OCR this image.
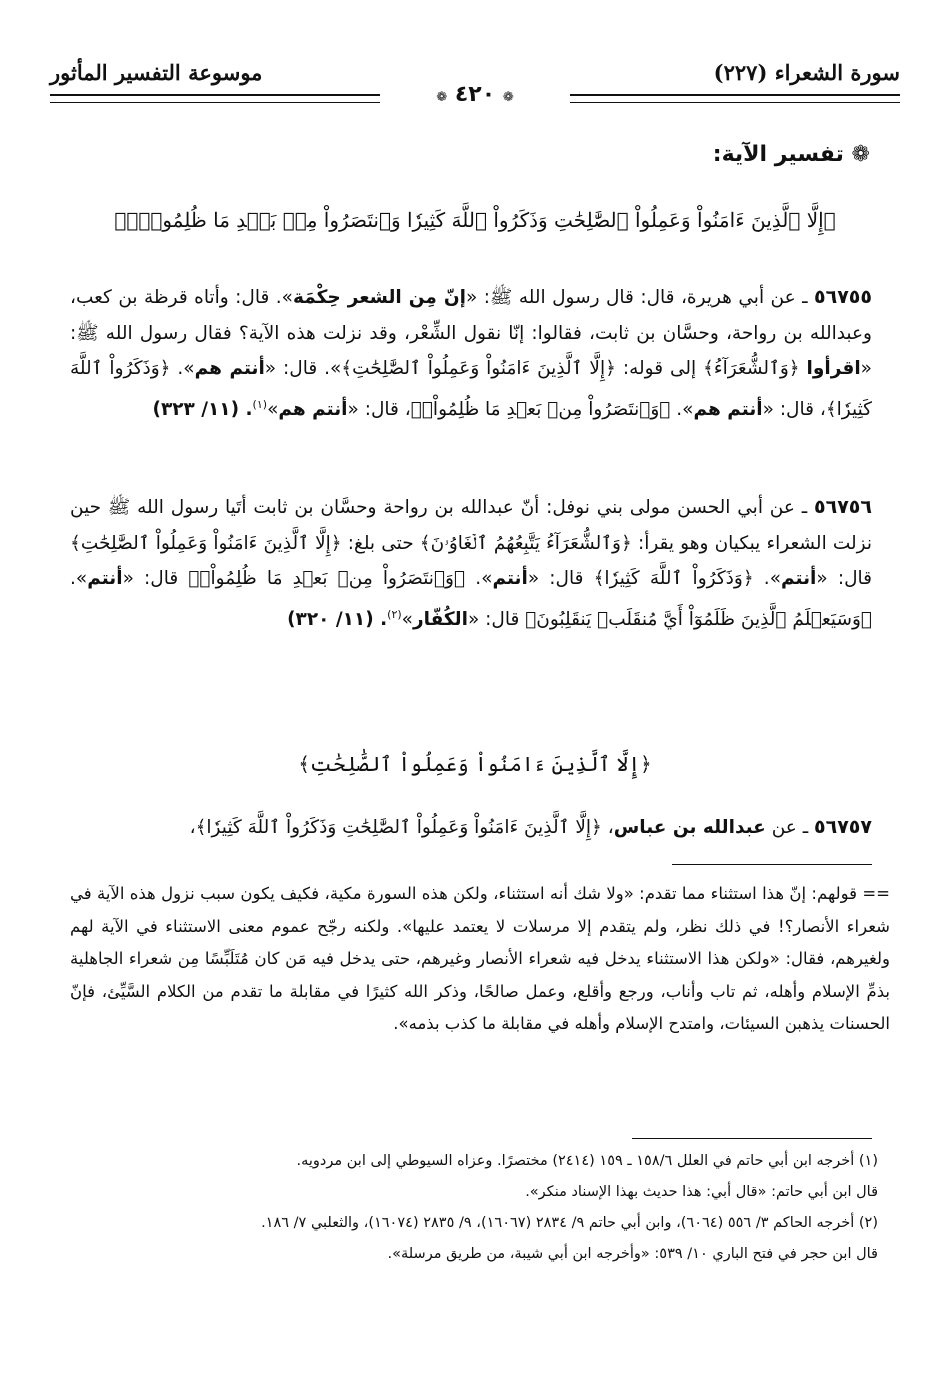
سورة الشعراء (٢٢٧)
موسوعة التفسير المأثور
❁ ٤٢٠ ❁
❁ تفسير الآية:
﴿إِلَّا ٱلَّذِينَ ءَامَنُواْ وَعَمِلُواْ ٱلصَّٰلِحَٰتِ وَذَكَرُواْ ٱللَّهَ كَثِيرٗا وَٱنتَصَرُواْ مِنۢ بَعۡدِ مَا ظُلِمُواْۗ﴾
٥٦٧٥٥ ـ عن أبي هريرة، قال: قال رسول الله ﷺ: «إنّ مِن الشعر حِكْمَة». قال: وأتاه قرظة بن كعب، وعبدالله بن رواحة، وحسَّان بن ثابت، فقالوا: إنّا نقول الشِّعْر، وقد نزلت هذه الآية؟ فقال رسول الله ﷺ: «اقرأوا ﴿وَٱلشُّعَرَآءُ﴾ إلى قوله: ﴿إِلَّا ٱلَّذِينَ ءَامَنُواْ وَعَمِلُواْ ٱلصَّٰلِحَٰتِ﴾». قال: «أنتم هم». ﴿وَذَكَرُواْ ٱللَّهَ كَثِيرٗا﴾، قال: «أنتم هم». ﴿وَٱنتَصَرُواْ مِنۢ بَعۡدِ مَا ظُلِمُواْۗ﴾، قال: «أنتم هم»$^{(١)}$. (١١/ ٣٢٣)
٥٦٧٥٦ ـ عن أبي الحسن مولى بني نوفل: أنّ عبدالله بن رواحة وحسَّان بن ثابت أتَيا رسول الله ﷺ حين نزلت الشعراء يبكيان وهو يقرأ: ﴿وَٱلشُّعَرَآءُ يَتَّبِعُهُمُ ٱلۡغَاوُۥنَ﴾ حتى بلغ: ﴿إِلَّا ٱلَّذِينَ ءَامَنُواْ وَعَمِلُواْ ٱلصَّٰلِحَٰتِ﴾ قال: «أنتم». ﴿وَذَكَرُواْ ٱللَّهَ كَثِيرٗا﴾ قال: «أنتم». ﴿وَٱنتَصَرُواْ مِنۢ بَعۡدِ مَا ظُلِمُواْۗ﴾ قال: «أنتم». ﴿وَسَيَعۡلَمُ ٱلَّذِينَ ظَلَمُوٓاْ أَيَّ مُنقَلَبٖ يَنقَلِبُونَ﴾ قال: «الكُفّار»$^{(٢)}$. (١١/ ٣٢٠)
﴿إِلَّا ٱلَّذِينَ ءَامَنُواْ وَعَمِلُواْ ٱلصَّٰلِحَٰتِ﴾
٥٦٧٥٧ ـ عن عبدالله بن عباس، ﴿إِلَّا ٱلَّذِينَ ءَامَنُواْ وَعَمِلُواْ ٱلصَّٰلِحَٰتِ وَذَكَرُواْ ٱللَّهَ كَثِيرٗا﴾،
== قولهم: إنّ هذا استثناء مما تقدم: «ولا شك أنه استثناء، ولكن هذه السورة مكية، فكيف يكون سبب نزول هذه الآية في شعراء الأنصار؟! في ذلك نظر، ولم يتقدم إلا مرسلات لا يعتمد عليها». ولكنه رجّح عموم معنى الاستثناء في الآية لهم ولغيرهم، فقال: «ولكن هذا الاستثناء يدخل فيه شعراء الأنصار وغيرهم، حتى يدخل فيه مَن كان مُتَلَبِّسًا مِن شعراء الجاهلية بذمِّ الإسلام وأهله، ثم تاب وأناب، ورجع وأقلع، وعمل صالحًا، وذكر الله كثيرًا في مقابلة ما تقدم من الكلام السَّيِّئ، فإنّ الحسنات يذهبن السيئات، وامتدح الإسلام وأهله في مقابلة ما كذب بذمه».

(١) أخرجه ابن أبي حاتم في العلل ١٥٨/٦ ـ ١٥٩ (٢٤١٤) مختصرًا. وعزاه السيوطي إلى ابن مردويه.

قال ابن أبي حاتم: «قال أبي: هذا حديث بهذا الإسناد منكر».

(٢) أخرجه الحاكم ٣/ ٥٥٦ (٦٠٦٤)، وابن أبي حاتم ٩/ ٢٨٣٤ (١٦٠٦٧)، ٩/ ٢٨٣٥ (١٦٠٧٤)، والثعلبي ٧/ ١٨٦.

قال ابن حجر في فتح الباري ١٠/ ٥٣٩: «وأخرجه ابن أبي شيبة، من طريق مرسلة».
